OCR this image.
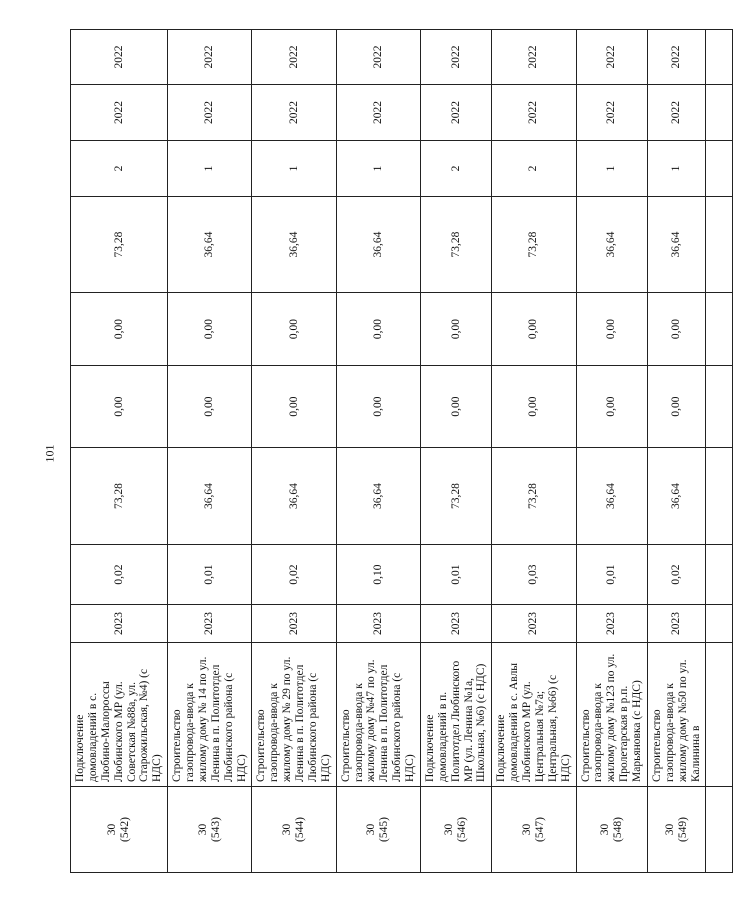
101
30 (542)	Подключение домовладений в с. Любино-Малороссы Любинского МР (ул. Советская №88а, ул. Старожильская, №4) (с НДС)	2023	0,02	73,28	0,00	0,00	73,28	2	2022	2022

30 (543)	Строительство газопровода-ввода к жилому дому № 14 по ул. Ленина в п. Политотдел Любинского района (с НДС)	2023	0,01	36,64	0,00	0,00	36,64	1	2022	2022

30 (544)	Строительство газопровода-ввода к жилому дому № 29 по ул. Ленина в п. Политотдел Любинского района (с НДС)	2023	0,02	36,64	0,00	0,00	36,64	1	2022	2022

30 (545)	Строительство газопровода-ввода к жилому дому №47 по ул. Ленина в п. Политотдел Любинского района (с НДС)	2023	0,10	36,64	0,00	0,00	36,64	1	2022	2022

30 (546)	Подключение домовладений в п. Политотдел Любинского МР (ул. Ленина №1а, Школьная, №6) (с НДС)	2023	0,01	73,28	0,00	0,00	73,28	2	2022	2022

30 (547)	Подключение домовладений в с. Авлы Любинского МР (ул. Центральная №7а; Центральная, №66) (с НДС)	2023	0,03	73,28	0,00	0,00	73,28	2	2022	2022

30 (548)	Строительство газопровода-ввода к жилому дому №123 по ул. Пролетарская в р.п. Марьяновка (с НДС)	2023	0,01	36,64	0,00	0,00	36,64	1	2022	2022

30 (549)	Строительство газопровода-ввода к жилому дому №50 по ул. Калинина в	2023	0,02	36,64	0,00	0,00	36,64	1	2022	2022
